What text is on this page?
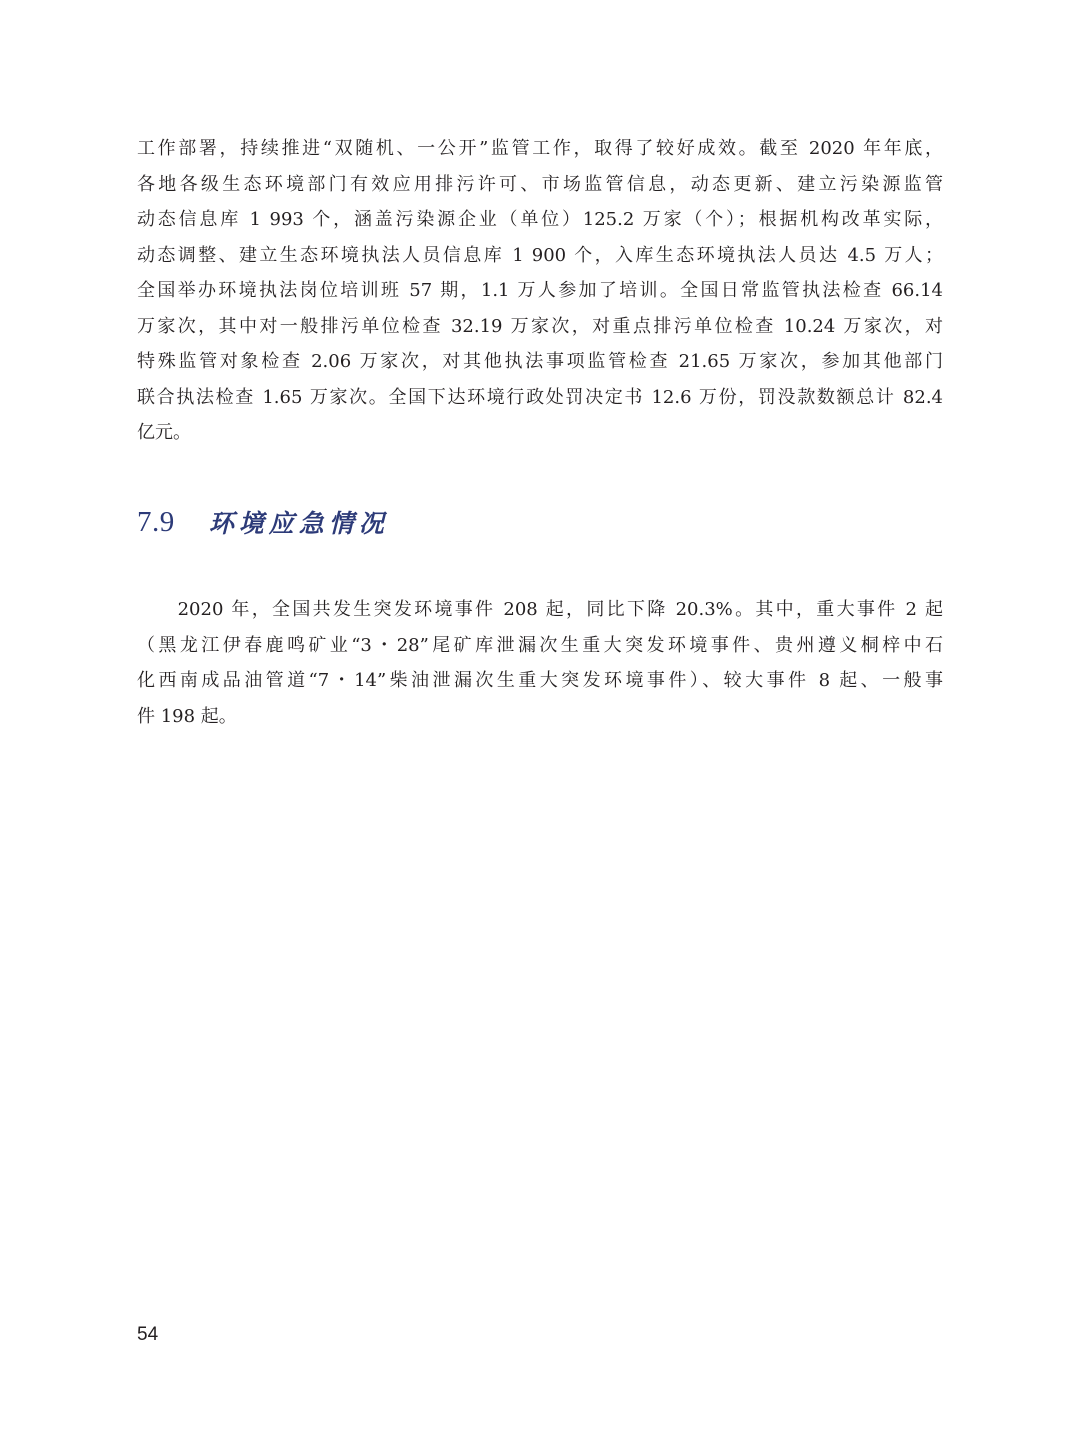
工作部署，持续推进“双随机、一公开”监管工作，取得了较好成效。截至 2020 年年底，
各地各级生态环境部门有效应用排污许可、市场监管信息，动态更新、建立污染源监管
动态信息库 1 993 个，涵盖污染源企业（单位）125.2 万家（个）；根据机构改革实际，
动态调整、建立生态环境执法人员信息库 1 900 个，入库生态环境执法人员达 4.5 万人；
全国举办环境执法岗位培训班 57 期，1.1 万人参加了培训。全国日常监管执法检查 66.14
万家次，其中对一般排污单位检查 32.19 万家次，对重点排污单位检查 10.24 万家次，对
特殊监管对象检查 2.06 万家次，对其他执法事项监管检查 21.65 万家次，参加其他部门
联合执法检查 1.65 万家次。全国下达环境行政处罚决定书 12.6 万份，罚没款数额总计 82.4
亿元。
7.9 环境应急情况
　　2020 年，全国共发生突发环境事件 208 起，同比下降 20.3%。其中，重大事件 2 起
（黑龙江伊春鹿鸣矿业“3・28”尾矿库泄漏次生重大突发环境事件、贵州遵义桐梓中石
化西南成品油管道“7・14”柴油泄漏次生重大突发环境事件）、较大事件 8 起、一般事
件 198 起。
54
